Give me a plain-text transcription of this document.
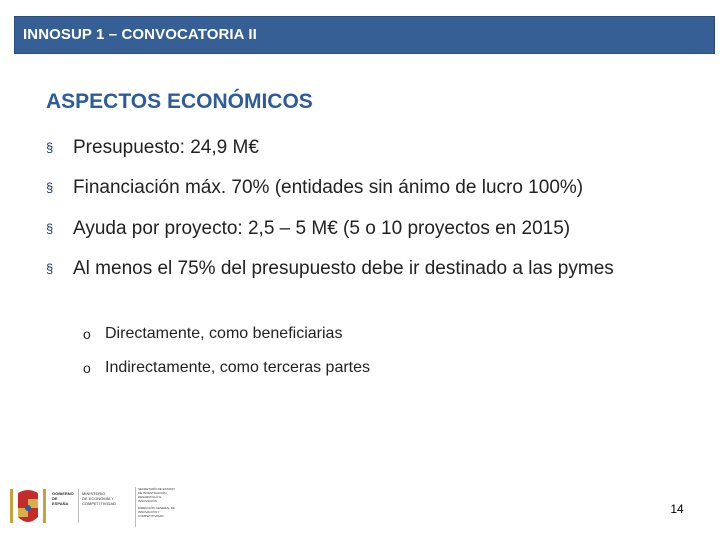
INNOSUP 1 – CONVOCATORIA II
ASPECTOS ECONÓMICOS
§ Presupuesto: 24,9 M€
§ Financiación máx. 70% (entidades sin ánimo de lucro 100%)
§ Ayuda por proyecto: 2,5 – 5 M€ (5 o 10 proyectos en 2015)
§ Al menos el 75% del presupuesto debe ir destinado a las pymes
o Directamente, como beneficiarias
o Indirectamente, como terceras partes
GOBIERNO
DE ESPAÑA
MINISTERIO
DE ECONOMÍA Y COMPETITIVIDAD
SECRETARÍA DE ESTADO DE INVESTIGACIÓN, DESARROLLO E INNOVACIÓN
DIRECCIÓN GENERAL DE INNOVACIÓN Y COMPETITIVIDAD	14
